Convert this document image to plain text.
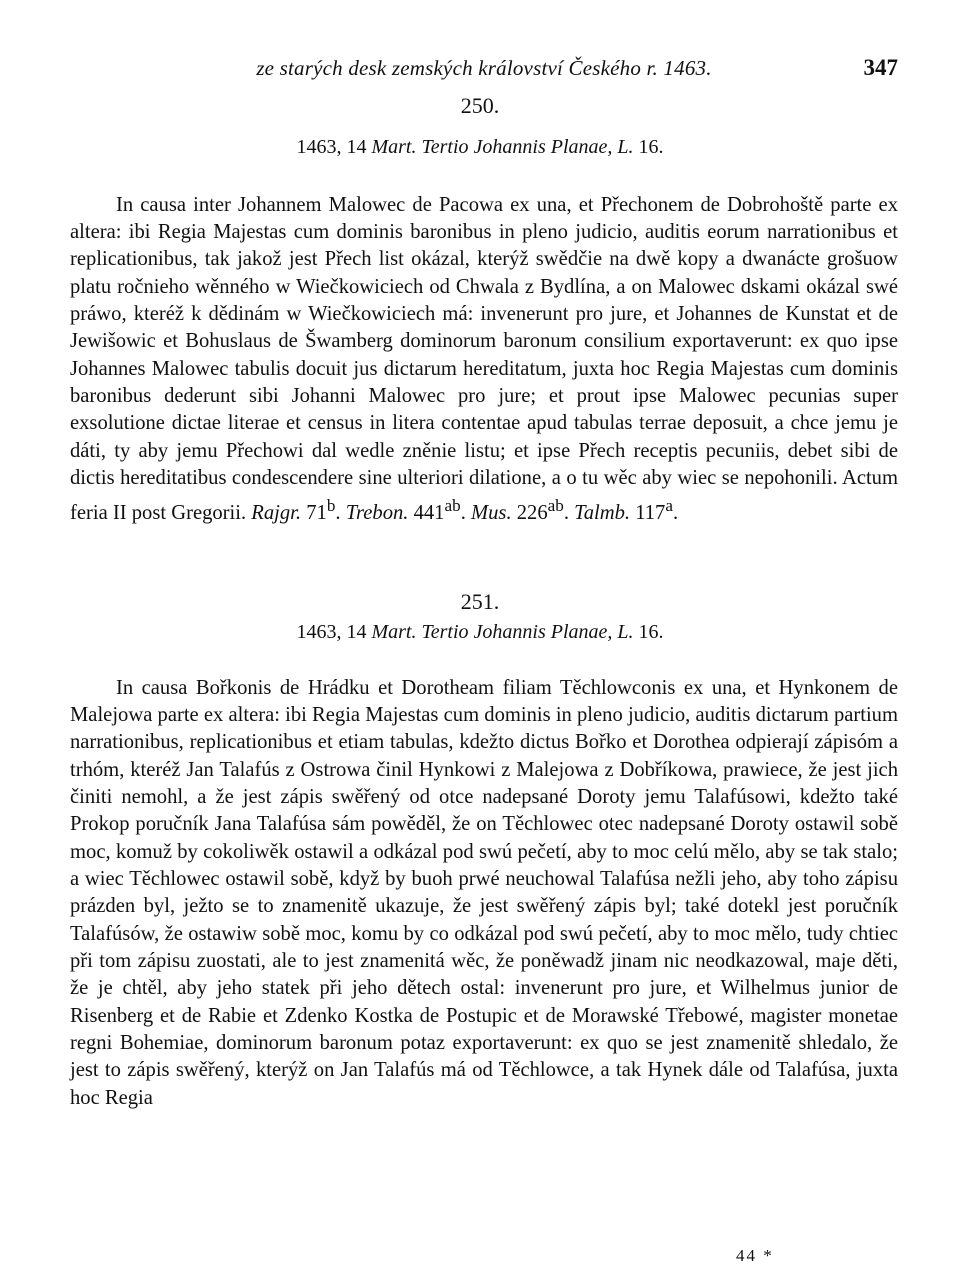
ze starých desk zemských království Českého r. 1463.	347
250.
1463, 14 Mart. Tertio Johannis Planae, L. 16.

In causa inter Johannem Malowec de Pacowa ex una, et Přechonem de Dobrohoště parte ex altera: ibi Regia Majestas cum dominis baronibus in pleno judicio, auditis eorum narrationibus et replicationibus, tak jakož jest Přech list okázal, kterýž swědčie na dwě kopy a dwanácte grošuow platu ročnieho wěnného w Wiečkowiciech od Chwala z Bydlína, a on Malowec dskami okázal swé práwo, kteréž k dědinám w Wiečkowiciech má: invenerunt pro jure, et Johannes de Kunstat et de Jewišowic et Bohuslaus de Šwamberg dominorum baronum consilium exportaverunt: ex quo ipse Johannes Malowec tabulis docuit jus dictarum hereditatum, juxta hoc Regia Majestas cum dominis baronibus dederunt sibi Johanni Malowec pro jure; et prout ipse Malowec pecunias super exsolutione dictae literae et census in litera contentae apud tabulas terrae deposuit, a chce jemu je dáti, ty aby jemu Přechowi dal wedle zněnie listu; et ipse Přech receptis pecuniis, debet sibi de dictis hereditatibus condescendere sine ulteriori dilatione, a o tu wěc aby wiec se nepohonili. Actum feria II post Gregorii. Rajgr. 71$^b$. Trebon. $441^{ab}$. Mus. $226^{ab}$. Talmb. 117$^a$.

251.
1463, 14 Mart. Tertio Johannis Planae, L. 16.

In causa Bořkonis de Hrádku et Dorotheam filiam Těchlowconis ex una, et Hynkonem de Malejowa parte ex altera: ibi Regia Majestas cum dominis in pleno judicio, auditis dictarum partium narrationibus, replicationibus et etiam tabulas, kdežto dictus Bořko et Dorothea odpierají zápisóm a trhóm, kteréž Jan Talafús z Ostrowa činil Hynkowi z Malejowa z Dobříkowa, prawiece, že jest jich činiti nemohl, a že jest zápis swěřený od otce nadepsané Doroty jemu Talafúsowi, kdežto také Prokop poručník Jana Talafúsa sám powěděl, že on Těchlowec otec nadepsané Doroty ostawil sobě moc, komuž by cokoliwěk ostawil a odkázal pod swú pečetí, aby to moc celú mělo, aby se tak stalo; a wiec Těchlowec ostawil sobě, když by buoh prwé neuchowal Talafúsa nežli jeho, aby toho zápisu prázden byl, ježto se to znamenitě ukazuje, že jest swěřený zápis byl; také dotekl jest poručník Talafúsów, že ostawiw sobě moc, komu by co odkázal pod swú pečetí, aby to moc mělo, tudy chtiec při tom zápisu zuostati, ale to jest znamenitá wěc, že poněwadž jinam nic neodkazowal, maje děti, že je chtěl, aby jeho statek při jeho dětech ostal: invenerunt pro jure, et Wilhelmus junior de Risenberg et de Rabie et Zdenko Kostka de Postupic et de Morawské Třebowé, magister monetae regni Bohemiae, dominorum baronum potaz exportaverunt: ex quo se jest znamenitě shledalo, že jest to zápis swěřený, kterýž on Jan Talafús má od Těchlowce, a tak Hynek dále od Talafúsa, juxta hoc Regia

44 *
